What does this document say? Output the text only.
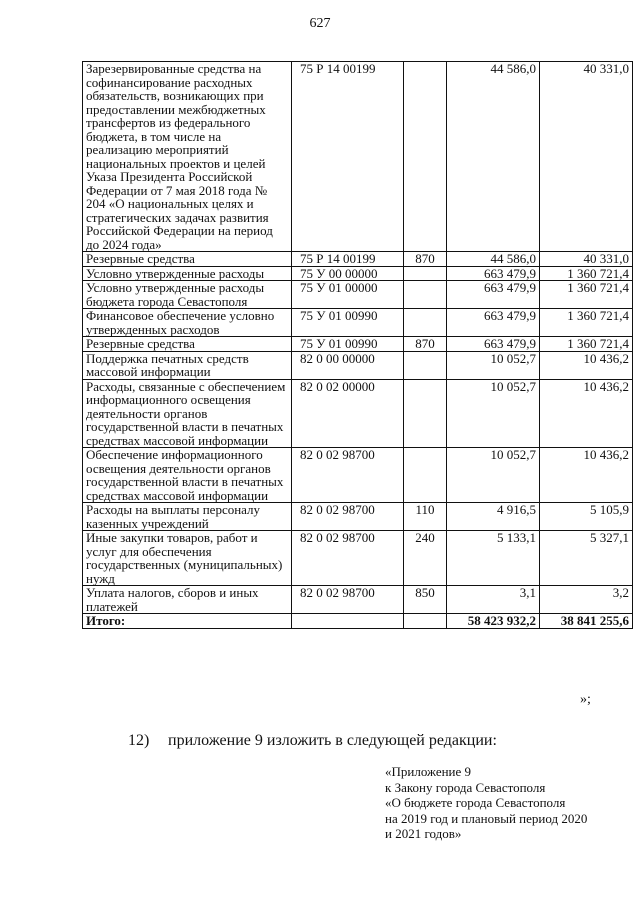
627
Зарезервированные средства на софинансирование расходных обязательств, возникающих при предоставлении межбюджетных трансфертов из федерального бюджета, в том числе на реализацию мероприятий национальных проектов и целей Указа Президента Российской Федерации от 7 мая 2018 года № 204 «О национальных целях и стратегических задачах развития Российской Федерации на период до 2024 года»	75 Р 14 00199		44 586,0	40 331,0
Резервные средства	75 Р 14 00199	870	44 586,0	40 331,0
Условно утвержденные расходы	75 У 00 00000		663 479,9	1 360 721,4
Условно утвержденные расходы бюджета города Севастополя	75 У 01 00000		663 479,9	1 360 721,4
Финансовое обеспечение условно утвержденных расходов	75 У 01 00990		663 479,9	1 360 721,4
Резервные средства	75 У 01 00990	870	663 479,9	1 360 721,4
Поддержка печатных средств массовой информации	82 0 00 00000		10 052,7	10 436,2
Расходы, связанные с обеспечением информационного освещения деятельности органов государственной власти в печатных средствах массовой информации	82 0 02 00000		10 052,7	10 436,2
Обеспечение информационного освещения деятельности органов государственной власти в печатных средствах массовой информации	82 0 02 98700		10 052,7	10 436,2
Расходы на выплаты персоналу казенных учреждений	82 0 02 98700	110	4 916,5	5 105,9
Иные закупки товаров, работ и услуг для обеспечения государственных (муниципальных) нужд	82 0 02 98700	240	5 133,1	5 327,1
Уплата налогов, сборов и иных платежей	82 0 02 98700	850	3,1	3,2
Итого:			58 423 932,2	38 841 255,6
»;
12) приложение 9 изложить в следующей редакции:
«Приложение 9
к Закону города Севастополя
«О бюджете города Севастополя
на 2019 год и плановый период 2020
и 2021 годов»
